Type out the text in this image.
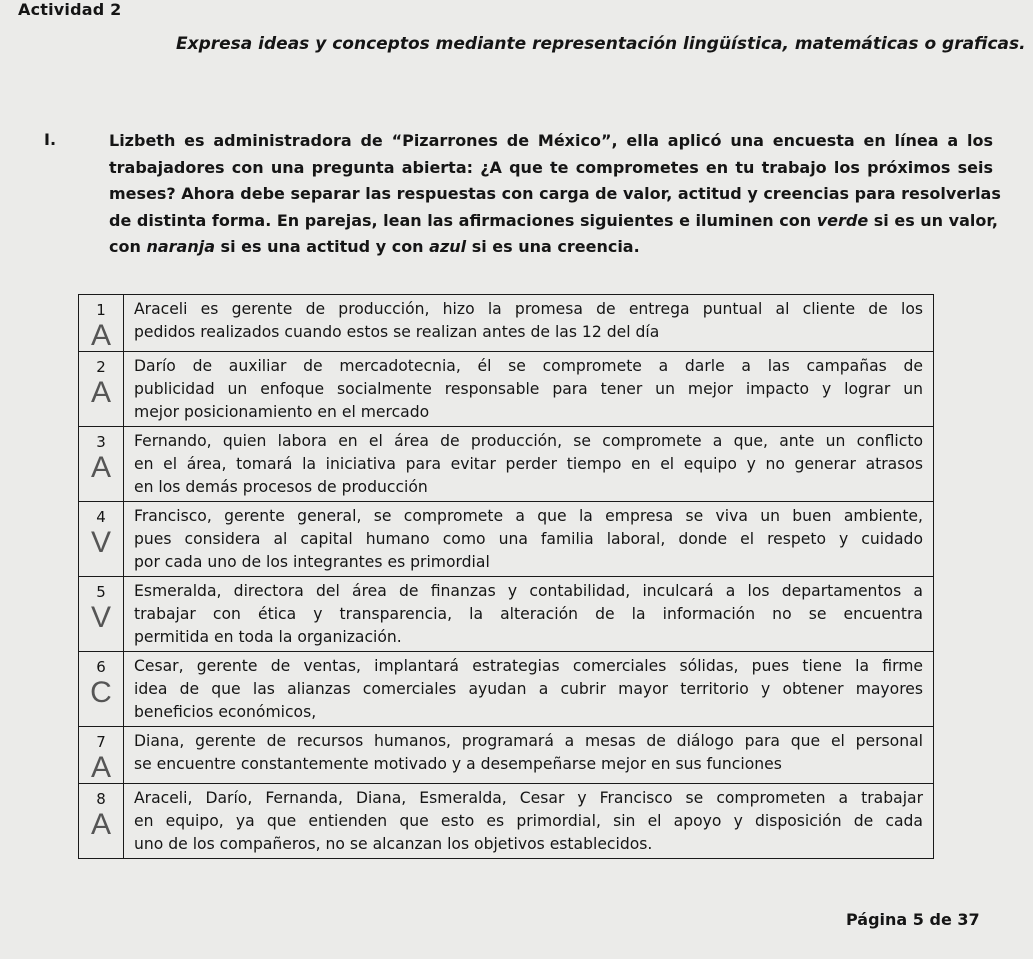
Actividad 2
Expresa ideas y conceptos mediante representación lingüística, matemáticas o graficas.
I.	Lizbeth es administradora de “Pizarrones de México”, ella aplicó una encuesta en línea a los
trabajadores con una pregunta abierta: ¿A que te comprometes en tu trabajo los próximos seis
meses? Ahora debe separar las respuestas con carga de valor, actitud y creencias para resolverlas
de distinta forma. En parejas, lean las afirmaciones siguientes e iluminen con verde si es un valor,
con naranja si es una actitud y con azul si es una creencia.
1
A	Araceli es gerente de producción, hizo la promesa de entrega puntual al cliente de los
pedidos realizados cuando estos se realizan antes de las 12 del día

2
A	Darío de auxiliar de mercadotecnia, él se compromete a darle a las campañas de
publicidad un enfoque socialmente responsable para tener un mejor impacto y lograr un
mejor posicionamiento en el mercado

3
A	Fernando, quien labora en el área de producción, se compromete a que, ante un conflicto
en el área, tomará la iniciativa para evitar perder tiempo en el equipo y no generar atrasos
en los demás procesos de producción

4
V	Francisco, gerente general, se compromete a que la empresa se viva un buen ambiente,
pues considera al capital humano como una familia laboral, donde el respeto y cuidado
por cada uno de los integrantes es primordial

5
V	Esmeralda, directora del área de finanzas y contabilidad, inculcará a los departamentos a
trabajar con ética y transparencia, la alteración de la información no se encuentra
permitida en toda la organización.

6
C	Cesar, gerente de ventas, implantará estrategias comerciales sólidas, pues tiene la firme
idea de que las alianzas comerciales ayudan a cubrir mayor territorio y obtener mayores
beneficios económicos,

7
A	Diana, gerente de recursos humanos, programará a mesas de diálogo para que el personal
se encuentre constantemente motivado y a desempeñarse mejor en sus funciones

8
A	Araceli, Darío, Fernanda, Diana, Esmeralda, Cesar y Francisco se comprometen a trabajar
en equipo, ya que entienden que esto es primordial, sin el apoyo y disposición de cada
uno de los compañeros, no se alcanzan los objetivos establecidos.
Página 5 de 37
